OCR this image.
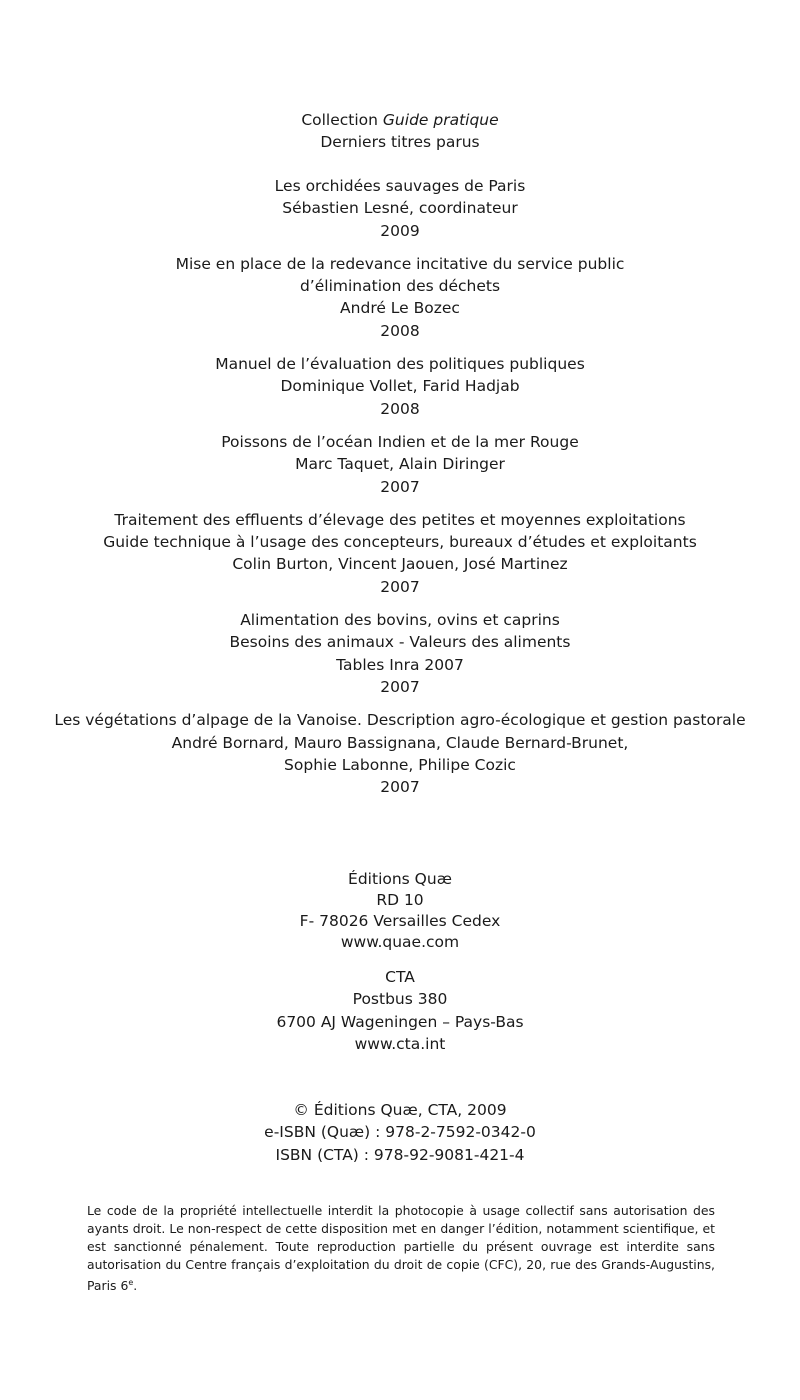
Collection Guide pratique
Derniers titres parus
Les orchidées sauvages de Paris
Sébastien Lesné, coordinateur
2009
Mise en place de la redevance incitative du service public
d’élimination des déchets
André Le Bozec
2008
Manuel de l’évaluation des politiques publiques
Dominique Vollet, Farid Hadjab
2008
Poissons de l’océan Indien et de la mer Rouge
Marc Taquet, Alain Diringer
2007
Traitement des effluents d’élevage des petites et moyennes exploitations
Guide technique à l’usage des concepteurs, bureaux d’études et exploitants
Colin Burton, Vincent Jaouen, José Martinez
2007
Alimentation des bovins, ovins et caprins
Besoins des animaux - Valeurs des aliments
Tables Inra 2007
2007
Les végétations d’alpage de la Vanoise. Description agro-écologique et gestion pastorale
André Bornard, Mauro Bassignana, Claude Bernard-Brunet,
Sophie Labonne, Philipe Cozic
2007
Éditions Quæ
RD 10
F- 78026 Versailles Cedex
www.quae.com
CTA
Postbus 380
6700 AJ Wageningen – Pays-Bas
www.cta.int
© Éditions Quæ, CTA, 2009
e-ISBN (Quæ) : 978-2-7592-0342-0
ISBN (CTA) : 978-92-9081-421-4
Le code de la propriété intellectuelle interdit la photocopie à usage collectif sans autorisation des ayants droit. Le non-respect de cette disposition met en danger l’édition, notamment scientifique, et est sanctionné pénalement. Toute reproduction partielle du présent ouvrage est interdite sans autorisation du Centre français d’exploitation du droit de copie (CFC), 20, rue des Grands-Augustins, Paris 6e.
